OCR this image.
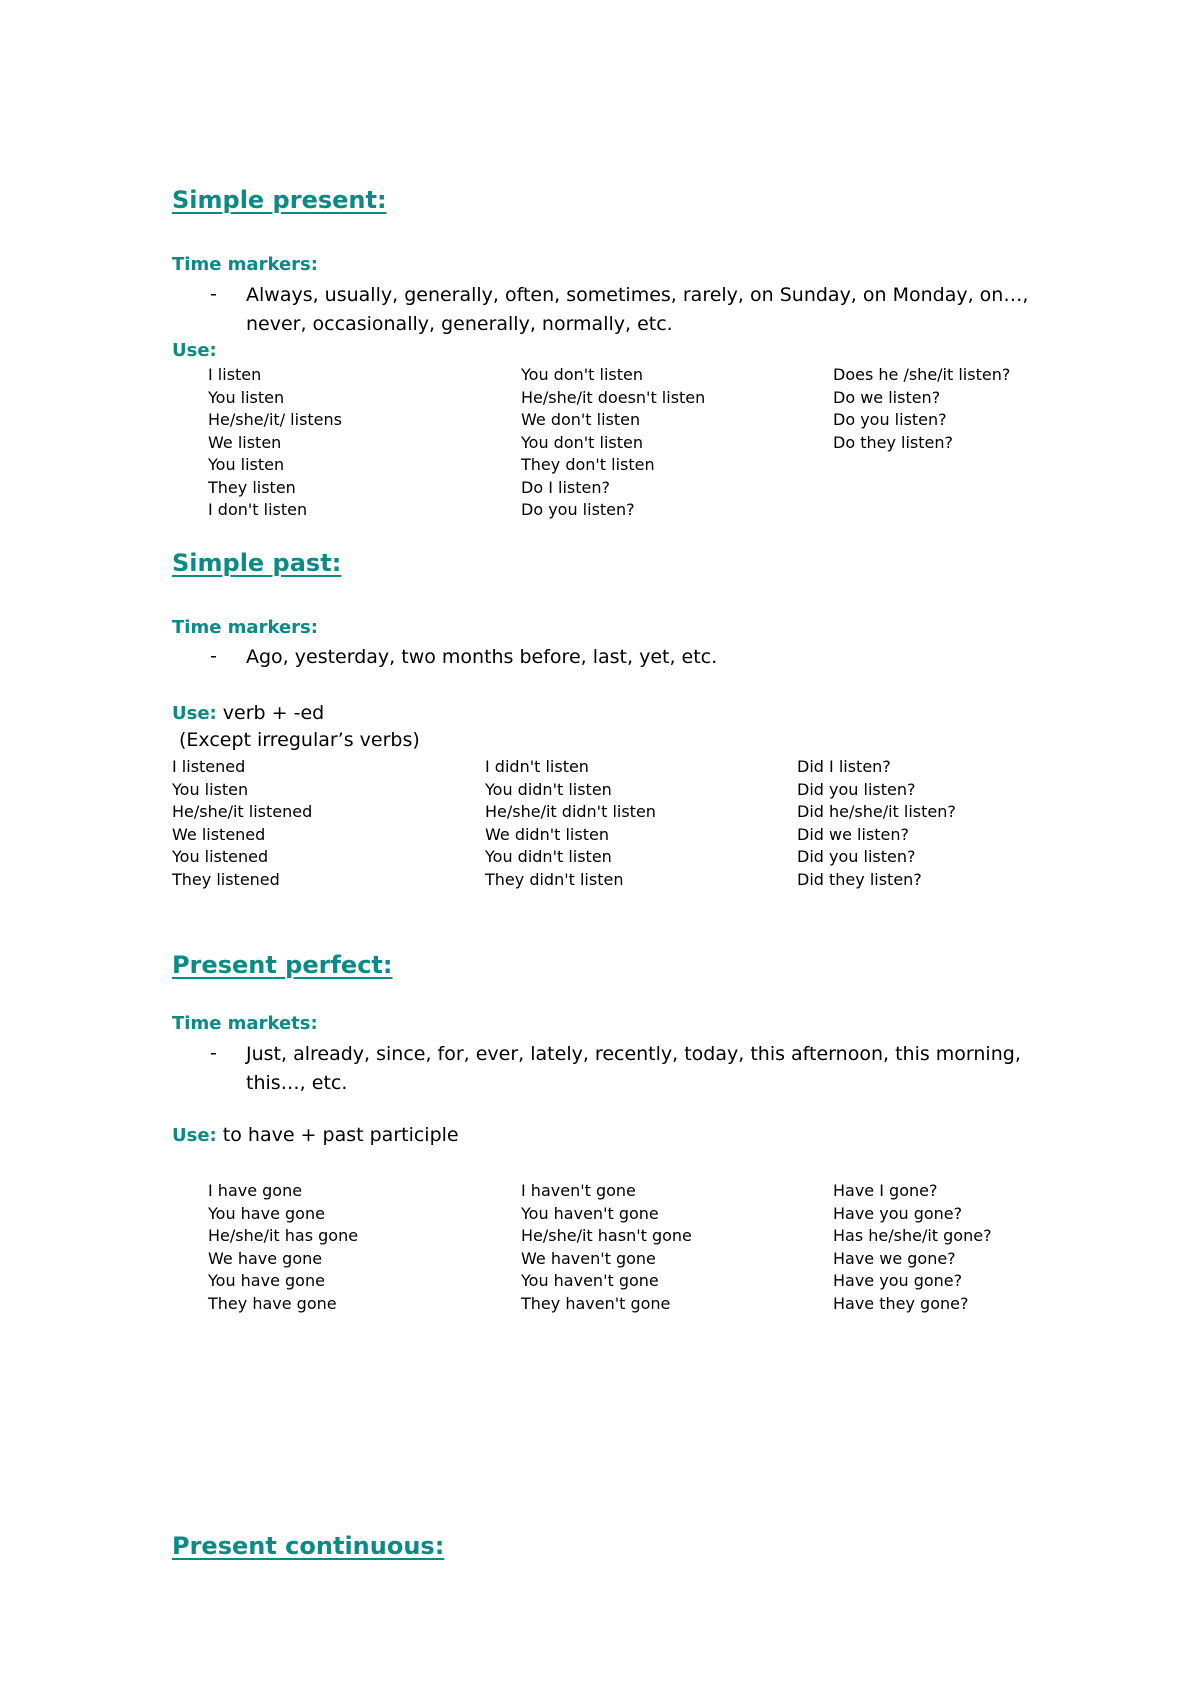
Simple present:
Time markers:
- Always, usually, generally, often, sometimes, rarely, on Sunday, on Monday, on…, never, occasionally, generally, normally, etc.
Use:
I listen
You listen
He/she/it/ listens
We listen
You listen
They listen
I don't listen
You don't listen
He/she/it doesn't listen
We don't listen
You don't listen
They don't listen
Do I listen?
Do you listen?
Does he /she/it listen?
Do we listen?
Do you listen?
Do they listen?
Simple past:
Time markers:
- Ago, yesterday, two months before, last, yet, etc.
Use: verb + -ed
(Except irregular’s verbs)
I listened
You listen
He/she/it listened
We listened
You listened
They listened
I didn't listen
You didn't listen
He/she/it didn't listen
We didn't listen
You didn't listen
They didn't listen
Did I listen?
Did you listen?
Did he/she/it listen?
Did we listen?
Did you listen?
Did they listen?
Present perfect:
Time markets:
- Just, already, since, for, ever, lately, recently, today, this afternoon, this morning, this…, etc.
Use: to have + past participle
I have gone
You have gone
He/she/it has gone
We have gone
You have gone
They have gone
I haven't gone
You haven't gone
He/she/it hasn't gone
We haven't gone
You haven't gone
They haven't gone
Have I gone?
Have you gone?
Has he/she/it gone?
Have we gone?
Have you gone?
Have they gone?
Present continuous:
